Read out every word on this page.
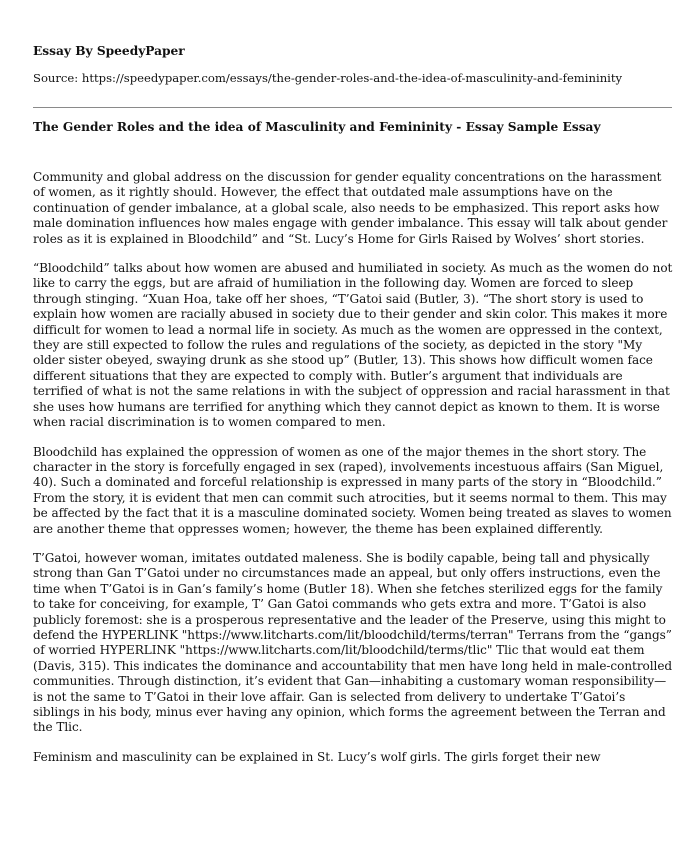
Essay By SpeedyPaper
Source: https://speedypaper.com/essays/the-gender-roles-and-the-idea-of-masculinity-and-femininity
The Gender Roles and the idea of Masculinity and Femininity - Essay Sample Essay

Community and global address on the discussion for gender equality concentrations on the harassment of women, as it rightly should. However, the effect that outdated male assumptions have on the continuation of gender imbalance, at a global scale, also needs to be emphasized. This report asks how male domination influences how males engage with gender imbalance. This essay will talk about gender roles as it is explained in Bloodchild” and “St. Lucy’s Home for Girls Raised by Wolves’ short stories.

“Bloodchild” talks about how women are abused and humiliated in society. As much as the women do not like to carry the eggs, but are afraid of humiliation in the following day. Women are forced to sleep through stinging. “Xuan Hoa, take off her shoes, “T’Gatoi said (Butler, 3). “The short story is used to explain how women are racially abused in society due to their gender and skin color. This makes it more difficult for women to lead a normal life in society. As much as the women are oppressed in the context, they are still expected to follow the rules and regulations of the society, as depicted in the story "My older sister obeyed, swaying drunk as she stood up” (Butler, 13). This shows how difficult women face different situations that they are expected to comply with. Butler’s argument that individuals are terrified of what is not the same relations in with the subject of oppression and racial harassment in that she uses how humans are terrified for anything which they cannot depict as known to them. It is worse when racial discrimination is to women compared to men.

Bloodchild has explained the oppression of women as one of the major themes in the short story. The character in the story is forcefully engaged in sex (raped), involvements incestuous affairs (San Miguel, 40). Such a dominated and forceful relationship is expressed in many parts of the story in “Bloodchild.” From the story, it is evident that men can commit such atrocities, but it seems normal to them. This may be affected by the fact that it is a masculine dominated society. Women being treated as slaves to women are another theme that oppresses women; however, the theme has been explained differently.

T’Gatoi, however woman, imitates outdated maleness. She is bodily capable, being tall and physically strong than Gan T’Gatoi under no circumstances made an appeal, but only offers instructions, even the time when T’Gatoi is in Gan’s family’s home (Butler 18). When she fetches sterilized eggs for the family to take for conceiving, for example, T’ Gan Gatoi commands who gets extra and more. T’Gatoi is also publicly foremost: she is a prosperous representative and the leader of the Preserve, using this might to defend the HYPERLINK "https://www.litcharts.com/lit/bloodchild/terms/terran" Terrans from the “gangs” of worried HYPERLINK "https://www.litcharts.com/lit/bloodchild/terms/tlic" Tlic that would eat them (Davis, 315). This indicates the dominance and accountability that men have long held in male-controlled communities. Through distinction, it’s evident that Gan—inhabiting a customary woman responsibility—is not the same to T’Gatoi in their love affair. Gan is selected from delivery to undertake T’Gatoi’s siblings in his body, minus ever having any opinion, which forms the agreement between the Terran and the Tlic.

Feminism and masculinity can be explained in St. Lucy’s wolf girls. The girls forget their new
